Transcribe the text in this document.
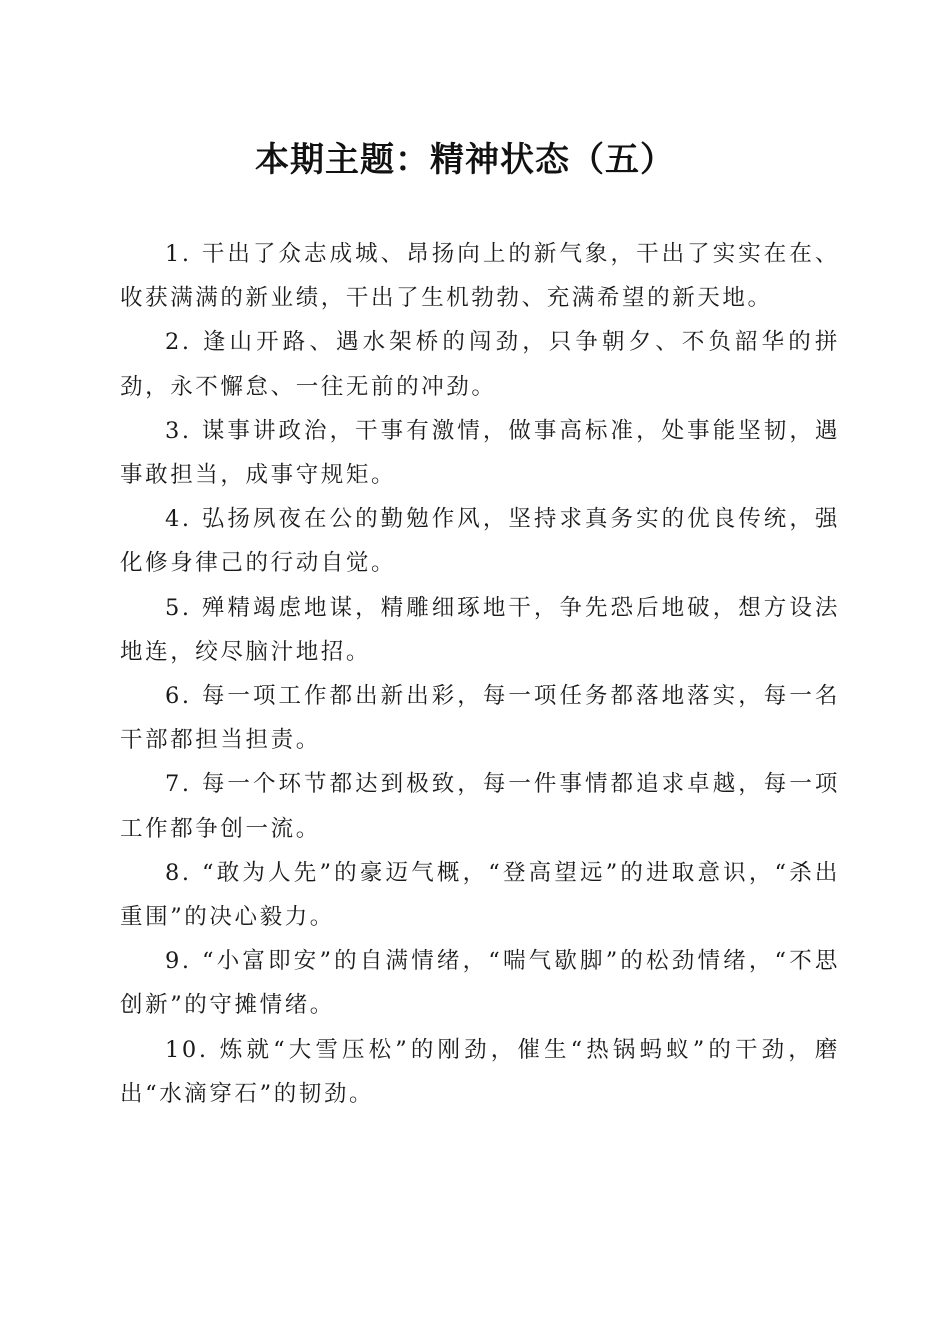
本期主题：精神状态（五）

1. 干出了众志成城、昂扬向上的新气象，干出了实实在在、收获满满的新业绩，干出了生机勃勃、充满希望的新天地。

2. 逢山开路、遇水架桥的闯劲，只争朝夕、不负韶华的拼劲，永不懈怠、一往无前的冲劲。

3. 谋事讲政治，干事有激情，做事高标准，处事能坚韧，遇事敢担当，成事守规矩。

4. 弘扬夙夜在公的勤勉作风，坚持求真务实的优良传统，强化修身律己的行动自觉。

5. 殚精竭虑地谋，精雕细琢地干，争先恐后地破，想方设法地连，绞尽脑汁地招。

6. 每一项工作都出新出彩，每一项任务都落地落实，每一名干部都担当担责。

7. 每一个环节都达到极致，每一件事情都追求卓越，每一项工作都争创一流。

8. “敢为人先”的豪迈气概，“登高望远”的进取意识，“杀出重围”的决心毅力。

9. “小富即安”的自满情绪，“喘气歇脚”的松劲情绪，“不思创新”的守摊情绪。

10. 炼就“大雪压松”的刚劲，催生“热锅蚂蚁”的干劲，磨出“水滴穿石”的韧劲。
